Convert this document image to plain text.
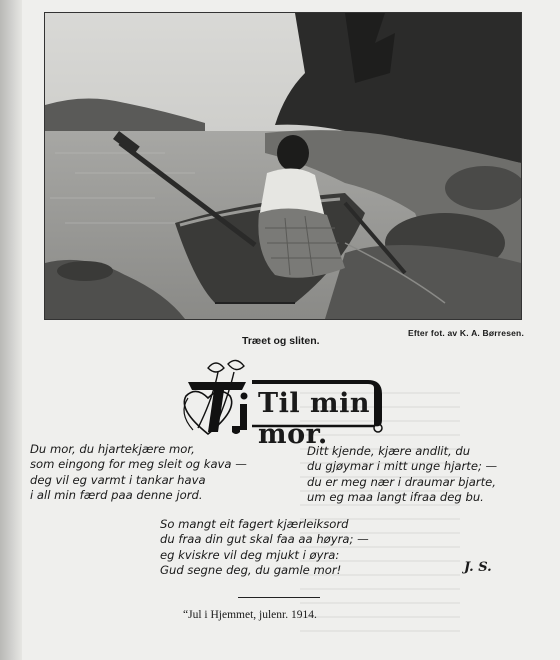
Efter fot. av K. A. Børresen.
Træet og sliten.
Til min mor.
Du mor, du hjartekjære mor,
som eingong for meg sleit og kava —
deg vil eg varmt i tankar hava
i all min færd paa denne jord.
Ditt kjende, kjære andlit, du
du gjøymar i mitt unge hjarte; —
du er meg nær i draumar bjarte,
um eg maa langt ifraa deg bu.
So mangt eit fagert kjærleiksord
du fraa din gut skal faa aa høyra; —
eg kviskre vil deg mjukt i øyra:
Gud segne deg, du gamle mor!	J. S.
“Jul i Hjemmet, julenr. 1914.
